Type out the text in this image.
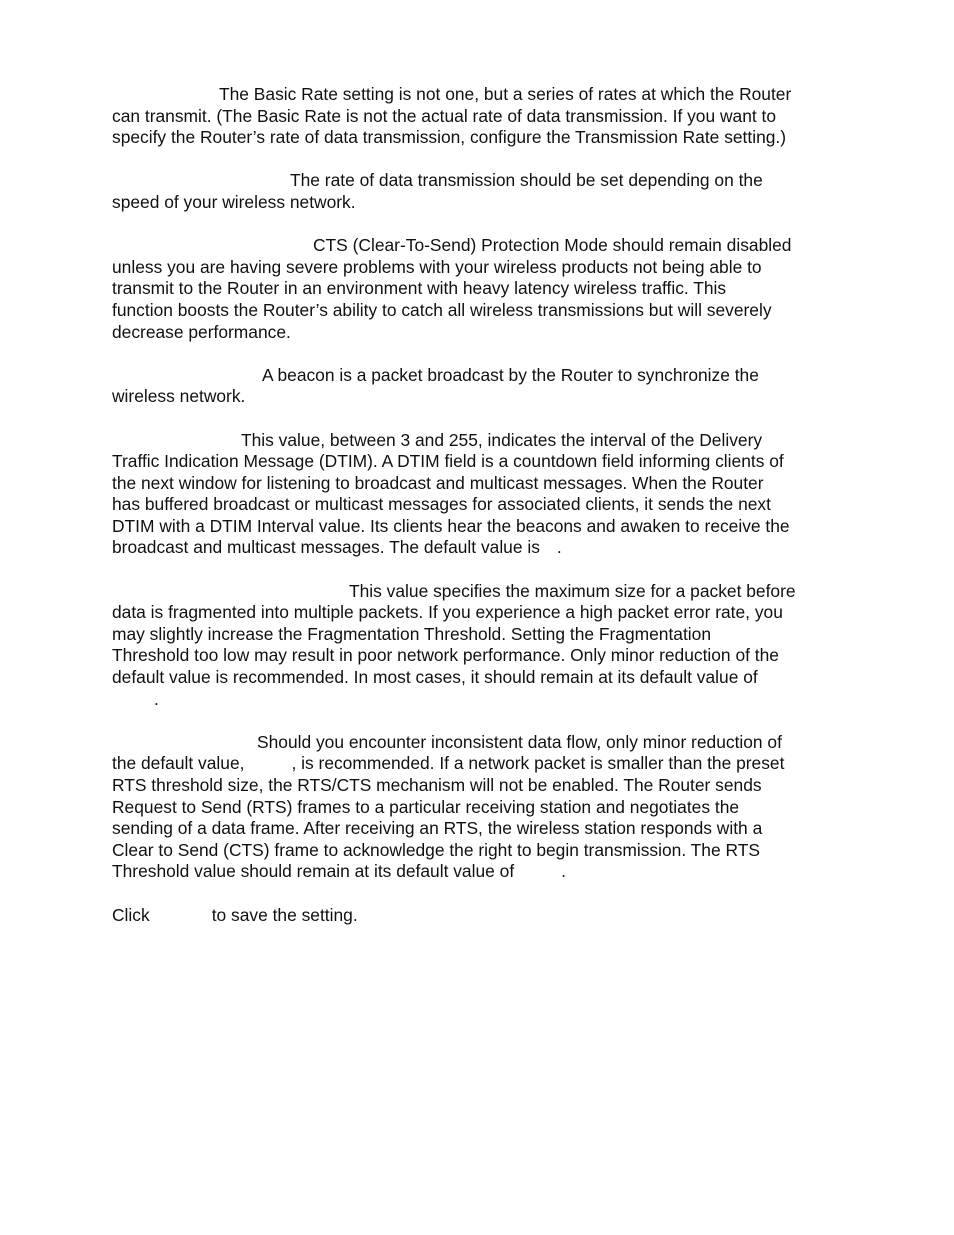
The Basic Rate setting is not one, but a series of rates at which the Router
can transmit. (The Basic Rate is not the actual rate of data transmission. If you want to
specify the Router’s rate of data transmission, configure the Transmission Rate setting.)

The rate of data transmission should be set depending on the
speed of your wireless network.

CTS (Clear-To-Send) Protection Mode should remain disabled
unless you are having severe problems with your wireless products not being able to
transmit to the Router in an environment with heavy latency wireless traffic. This
function boosts the Router’s ability to catch all wireless transmissions but will severely
decrease performance.

A beacon is a packet broadcast by the Router to synchronize the
wireless network.

This value, between 3 and 255, indicates the interval of the Delivery
Traffic Indication Message (DTIM). A DTIM field is a countdown field informing clients of
the next window for listening to broadcast and multicast messages. When the Router
has buffered broadcast or multicast messages for associated clients, it sends the next
DTIM with a DTIM Interval value. Its clients hear the beacons and awaken to receive the
broadcast and multicast messages. The default value is .

This value specifies the maximum size for a packet before
data is fragmented into multiple packets. If you experience a high packet error rate, you
may slightly increase the Fragmentation Threshold. Setting the Fragmentation
Threshold too low may result in poor network performance. Only minor reduction of the
default value is recommended. In most cases, it should remain at its default value of
.

Should you encounter inconsistent data flow, only minor reduction of
the default value,	, is recommended. If a network packet is smaller than the preset
RTS threshold size, the RTS/CTS mechanism will not be enabled. The Router sends
Request to Send (RTS) frames to a particular receiving station and negotiates the
sending of a data frame. After receiving an RTS, the wireless station responds with a
Clear to Send (CTS) frame to acknowledge the right to begin transmission. The RTS
Threshold value should remain at its default value of	.

Click	to save the setting.
